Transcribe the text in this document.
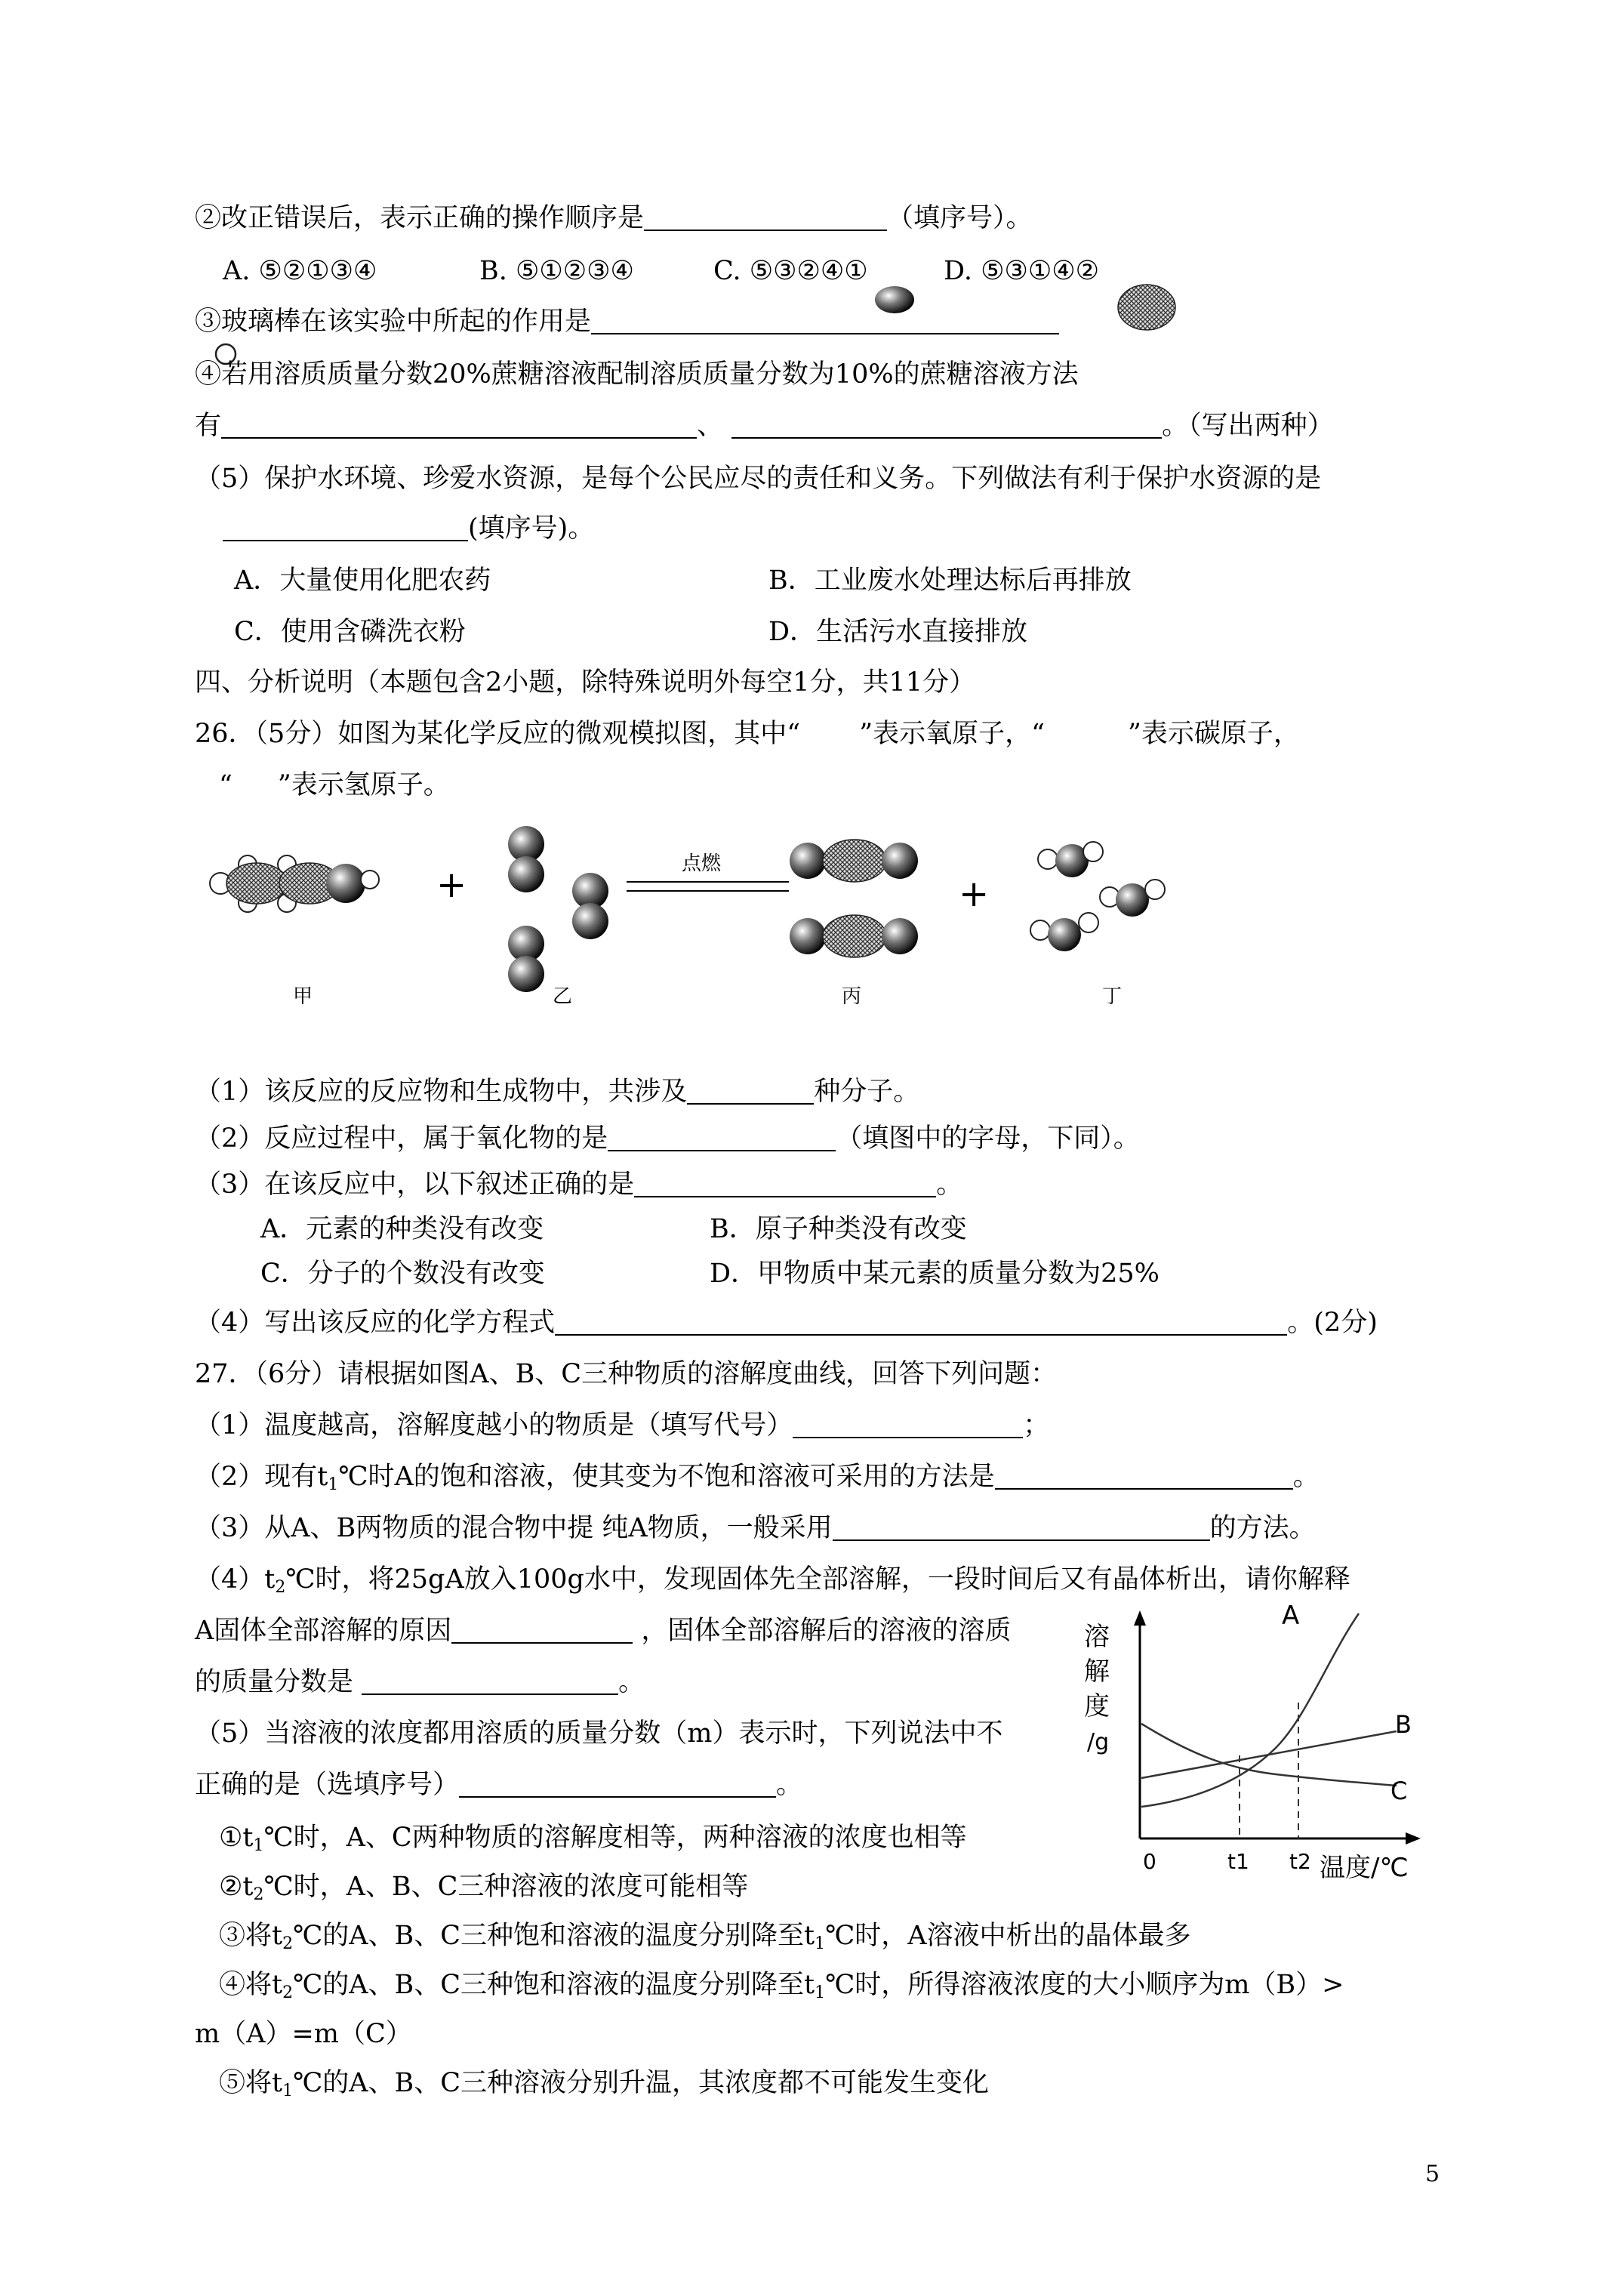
②改正错误后，表示正确的操作顺序是	（填序号）。
A. ⑤②①③④	B. ⑤①②③④	C. ⑤③②④①	D. ⑤③①④②
③玻璃棒在该实验中所起的作用是
④若用溶质质量分数20%蔗糖溶液配制溶质质量分数为10%的蔗糖溶液方法
有	、	。（写出两种）
（5）保护水环境、珍爱水资源，是每个公民应尽的责任和义务。下列做法有利于保护水资源的是
(填序号)。
A．大量使用化肥农药	B．工业废水处理达标后再排放
C．使用含磷洗衣粉	D．生活污水直接排放
四、分析说明（本题包含2小题，除特殊说明外每空1分，共11分）
26．（5分）如图为某化学反应的微观模拟图，其中“ ”表示氧原子，“	”表示碳原子，
“ ”表示氢原子。
+	点燃
+
甲	乙	丙	丁
（1）该反应的反应物和生成物中，共涉及	种分子。
（2）反应过程中，属于氧化物的是	（填图中的字母，下同）。
（3）在该反应中，以下叙述正确的是	。
A．元素的种类没有改变	B．原子种类没有改变
C．分子的个数没有改变	D．甲物质中某元素的质量分数为25%
（4）写出该反应的化学方程式	。(2分)
27．（6分）请根据如图A、B、C三种物质的溶解度曲线，回答下列问题：
（1）温度越高，溶解度越小的物质是（填写代号）	；
（2）现有$t_1℃$时A的饱和溶液，使其变为不饱和溶液可采用的方法是	。
（3）从A、B两物质的混合物中提 纯A物质，一般采用	的方法。
$(4)t_2℃$时，将25gA放入100g水中，发现固体先全部溶解，一段时间后又有晶体析出，请你解释
A固体全部溶解的原因	，固体全部溶解后的溶液的溶质
的质量分数是	。
（5）当溶液的浓度都用溶质的质量分数（m）表示时，下列说法中不
正确的是（选填序号）	。
溶
解
度
/g
A
B
C
0	t1 t2 温度/℃
$①t_1℃$时，A、C两种物质的溶解度相等，两种溶液的浓度也相等
$②t_2℃$时，A、B、C三种溶液的浓度可能相等
③将$t_2℃$的A、B、C三种饱和溶液的温度分别降至$t_1℃$时，A溶液中析出的晶体最多
④将$t_2℃$的A、B、C三种饱和溶液的温度分别降至$t_1℃$时，所得溶液浓度的大小顺序为m（B）>
m（A）=m（C）
⑤将$t_1℃$的A、B、C三种溶液分别升温，其浓度都不可能发生变化
5
